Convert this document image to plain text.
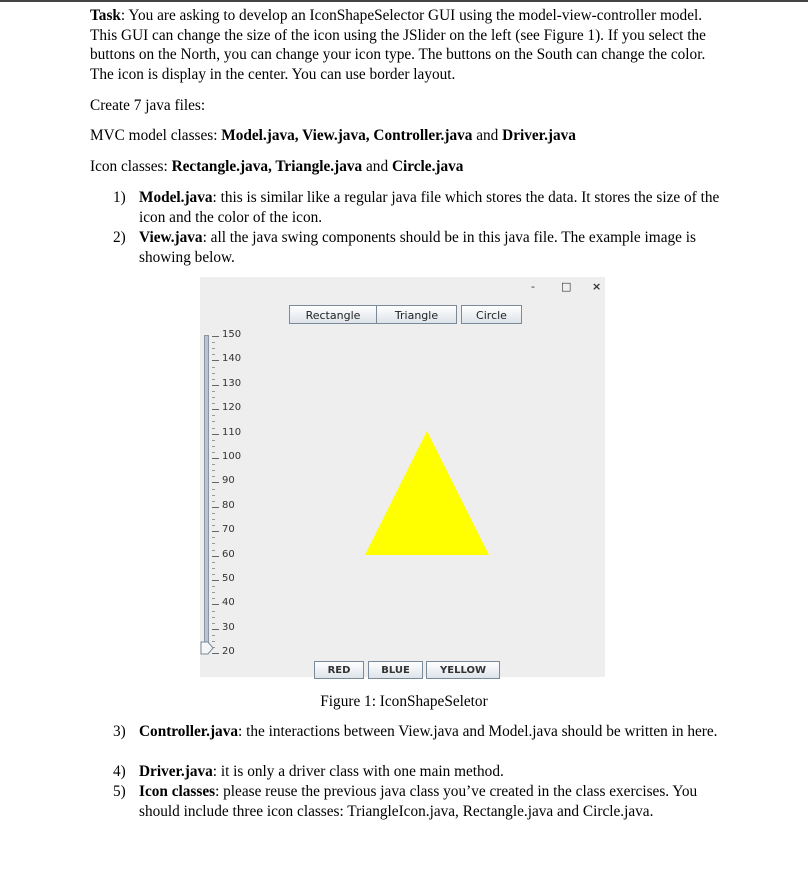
Task: You are asking to develop an IconShapeSelector GUI using the model-view-controller model. This GUI can change the size of the icon using the JSlider on the left (see Figure 1). If you select the buttons on the North, you can change your icon type. The buttons on the South can change the color. The icon is display in the center. You can use border layout.

Create 7 java files:

MVC model classes: Model.java, View.java, Controller.java and Driver.java

Icon classes: Rectangle.java, Triangle.java and Circle.java

1) Model.java: this is similar like a regular java file which stores the data. It stores the size of the icon and the color of the icon.
2) View.java: all the java swing components should be in this java file. The example image is showing below.
- □ ×
Rectangle	Triangle	Circle
150
140
130
120
110
100
90
80
70
60
50
40
30
20
RED	BLUE	YELLOW
Figure 1: IconShapeSeletor
3) Controller.java: the interactions between View.java and Model.java should be written in here.
4) Driver.java: it is only a driver class with one main method.
5) Icon classes: please reuse the previous java class you’ve created in the class exercises. You should include three icon classes: TriangleIcon.java, Rectangle.java and Circle.java.
